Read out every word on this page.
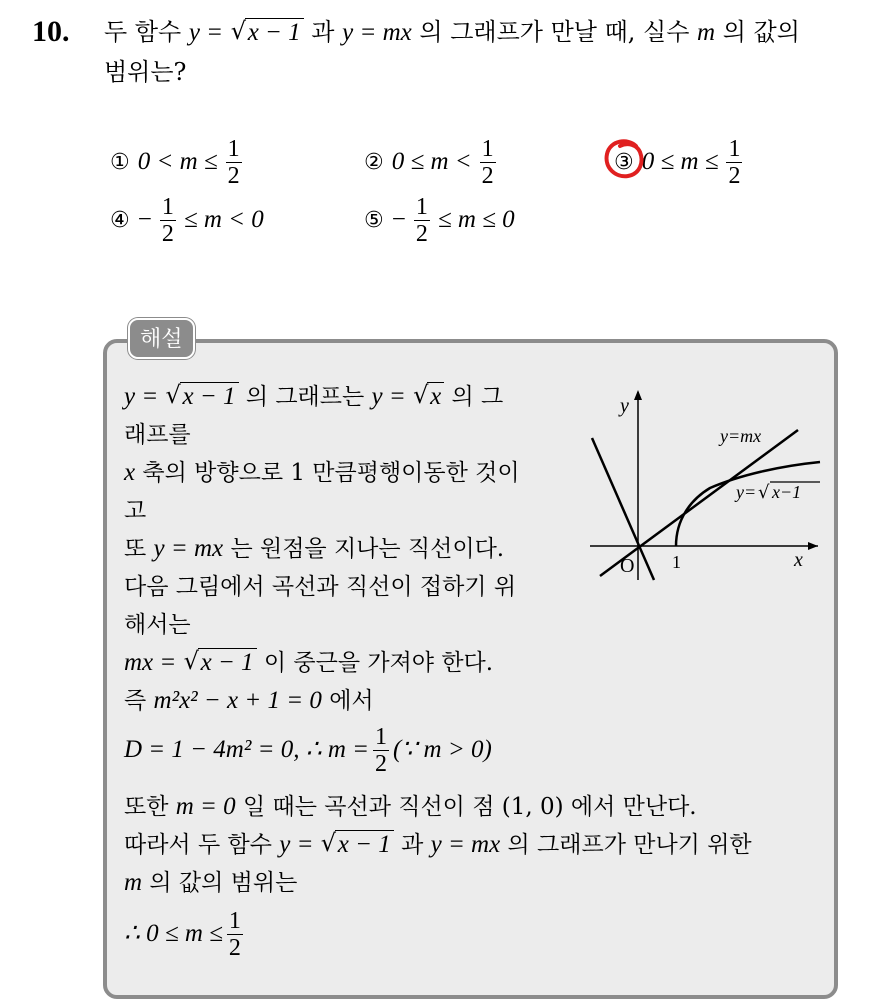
10. 두 함수 y = √ x − 1 과 y = mx 의 그래프가 만날 때, 실수 m 의 값의
범위는?
① $0 < m \le \frac{1}{2}$	② $0 \le m < \frac{1}{2}$	③ $0 \le m \le \frac{1}{2}$
④ − $\frac{1}{2} \le m < 0$	⑤ − $\frac{1}{2} \le m \le 0$
해설
y = √ x − 1 의 그래프는 y = √ x 의 그
래프를
x 축의 방향으로 1 만큼평행이동한 것이
고
또 y = mx 는 원점을 지나는 직선이다.
다음 그림에서 곡선과 직선이 접하기 위
해서는
mx = √ x − 1 이 중근을 가져야 한다.
즉 m²x² − x + 1 = 0 에서
D = 1 − 4m² = 0, ∴ $m = \frac{1}{2}$ (∵ m > 0)
또한 m = 0 일 때는 곡선과 직선이 점 (1, 0) 에서 만난다.
따라서 두 함수 y = √ x − 1 과 y = mx 의 그래프가 만나기 위한
m 의 값의 범위는
∴ $0 \le m \le \frac{1}{2}$
y
x
O 1
y=mx
y= √ x−1
